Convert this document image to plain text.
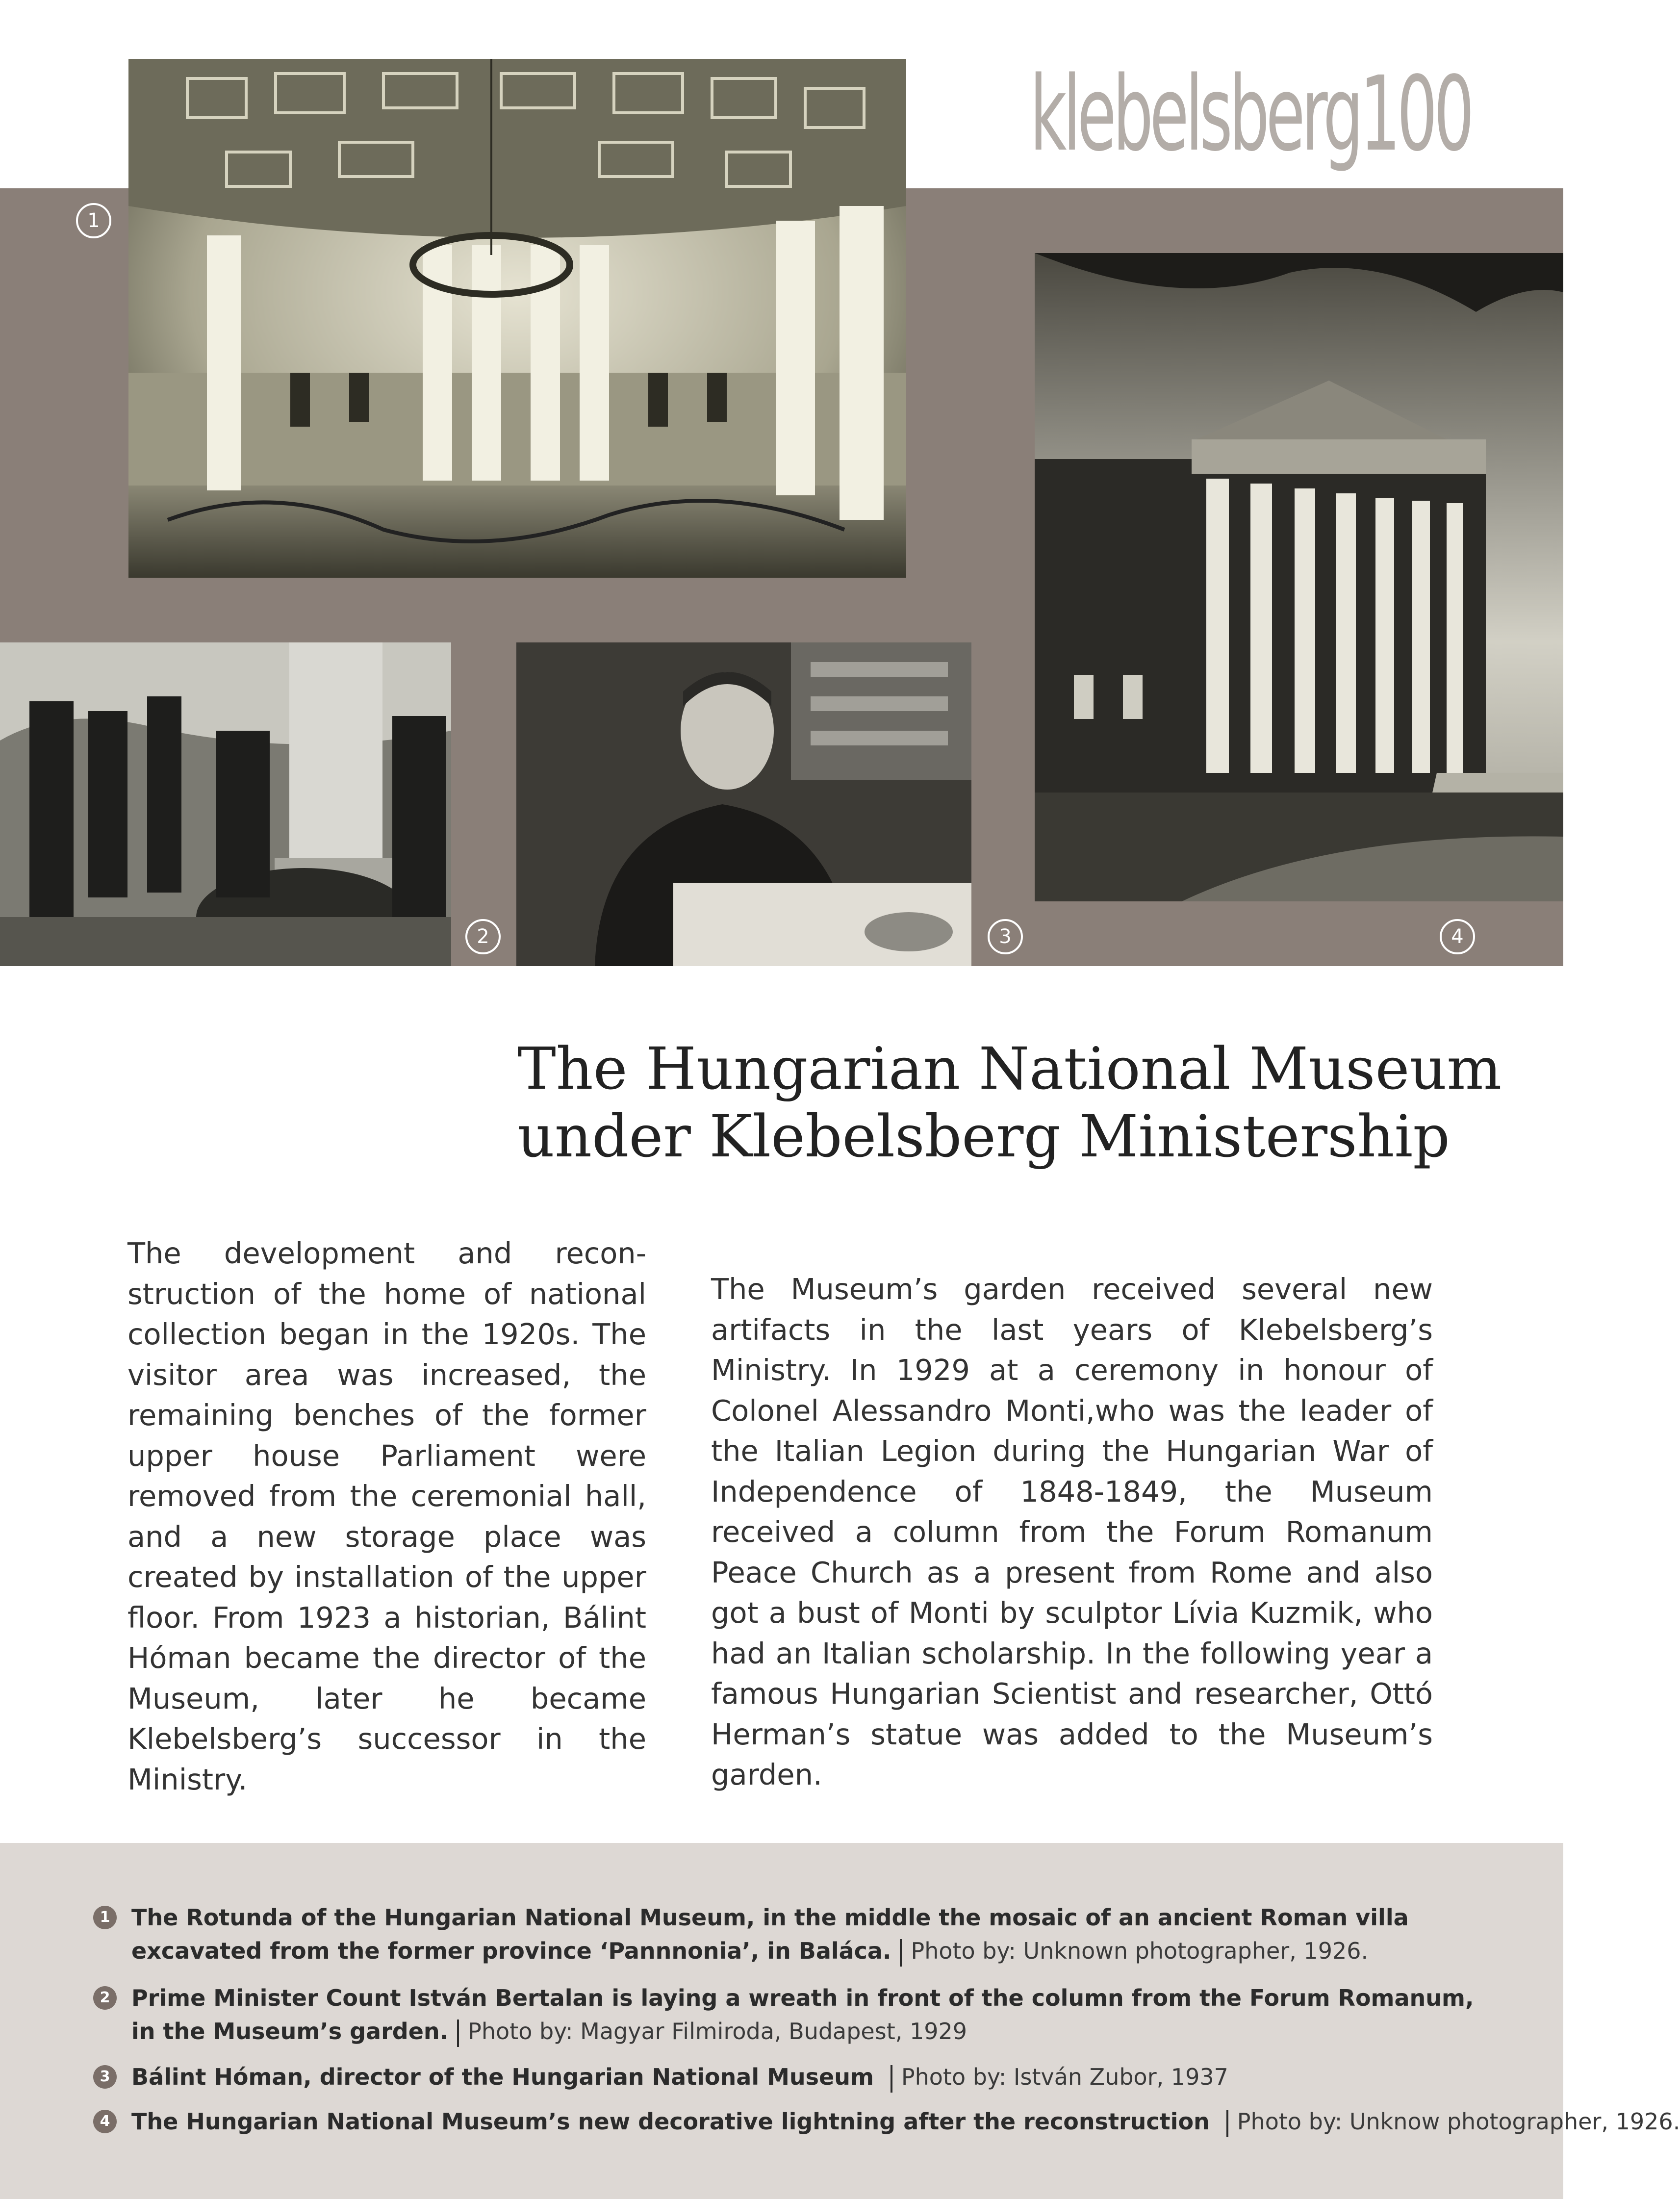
klebelsberg100
1
2	3	4
The Hungarian National Museum
under Klebelsberg Ministership
The development and recon-struction of the home of national collection began in the 1920s. The visitor area was increased, the remaining benches of the former upper house Parliament were removed from the ceremonial hall, and a new storage place was created by installation of the upper floor. From 1923 a historian, Bálint Hóman became the director of the Museum, later he became Klebelsberg’s successor in the Ministry.
The Museum’s garden received several new artifacts in the last years of Klebelsberg’s Ministry. In 1929 at a ceremony in honour of Colonel Alessandro Monti,who was the leader of the Italian Legion during the Hungarian War of Independence of 1848-1849, the Museum received a column from the Forum Romanum Peace Church as a present from Rome and also got a bust of Monti by sculptor Lívia Kuzmik, who had an Italian scholarship. In the following year a famous Hungarian Scientist and researcher, Ottó Herman’s statue was added to the Museum’s garden.
1 The Rotunda of the Hungarian National Museum, in the middle the mosaic of an ancient Roman villa
excavated from the former province ‘Pannnonia’, in Baláca. Photo by: Unknown photographer, 1926.
2 Prime Minister Count István Bertalan is laying a wreath in front of the column from the Forum Romanum,
in the Museum’s garden. Photo by: Magyar Filmiroda, Budapest, 1929
3 Bálint Hóman, director of the Hungarian National Museum Photo by: István Zubor, 1937
4 The Hungarian National Museum’s new decorative lightning after the reconstruction Photo by: Unknow photographer, 1926.
